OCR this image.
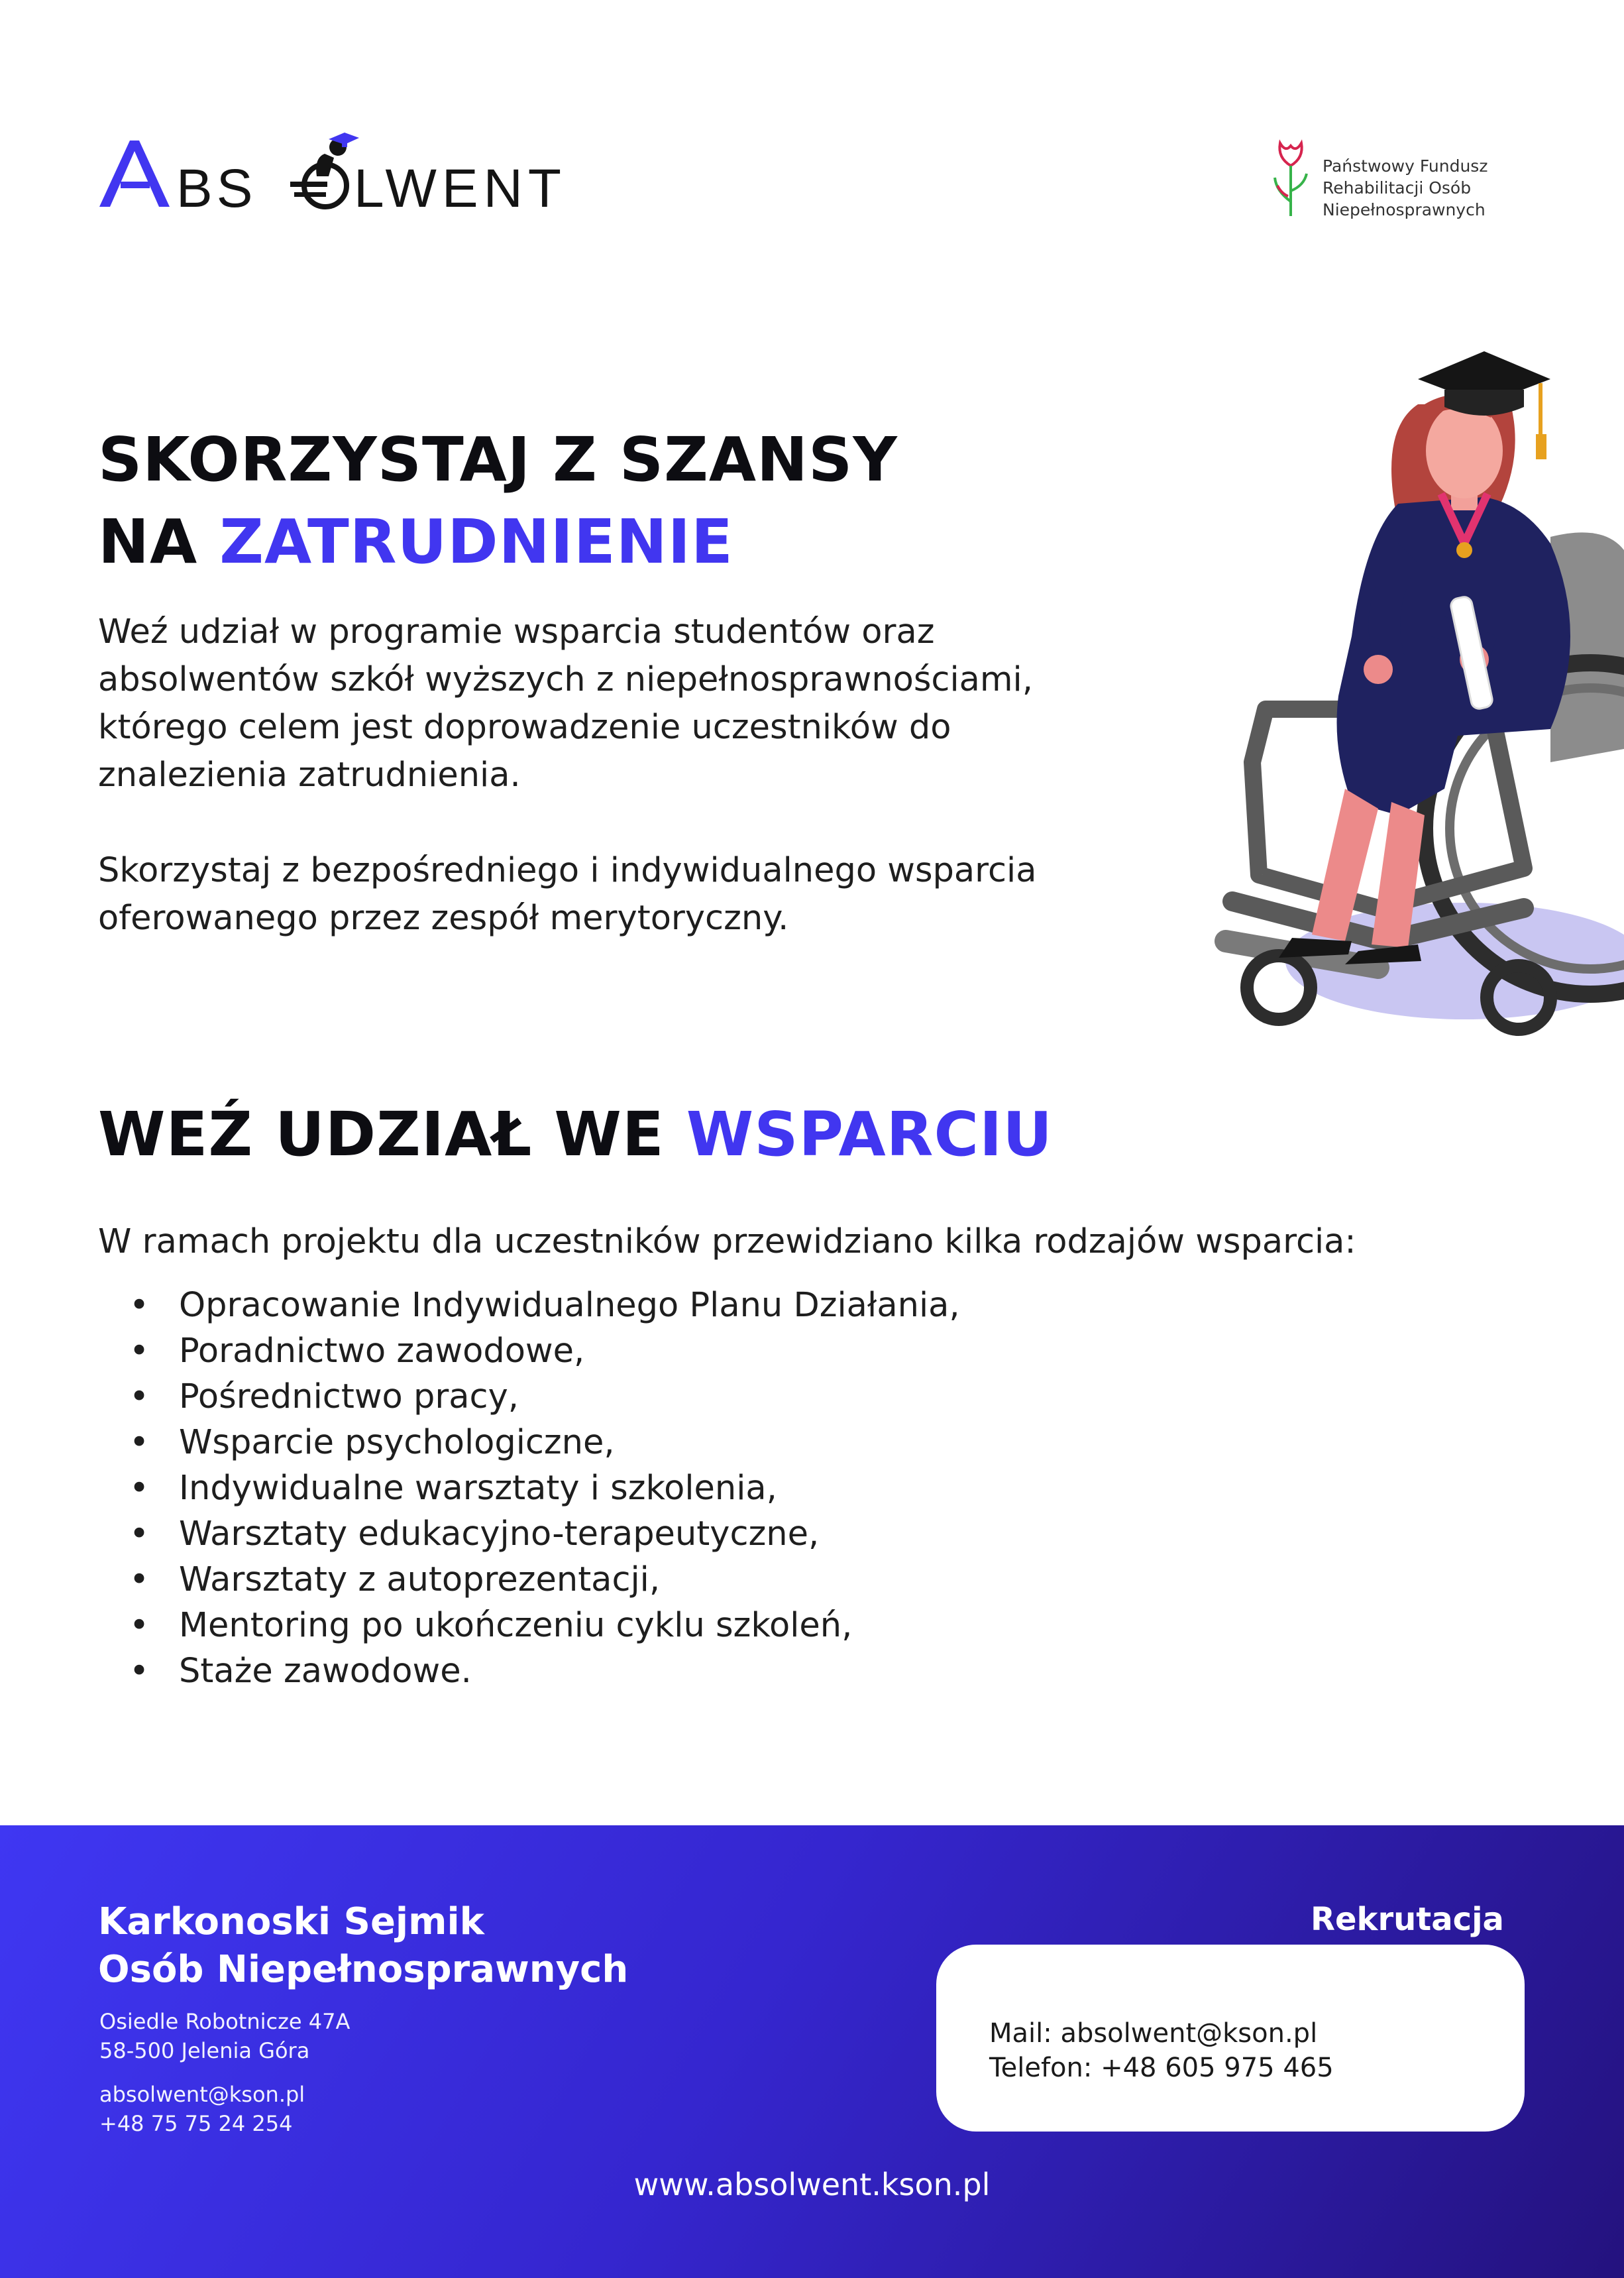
BS LWENT	Państwowy Fundusz
Rehabilitacji Osób
Niepełnosprawnych
SKORZYSTAJ Z SZANSY
NA ZATRUDNIENIE

Weź udział w programie wsparcia studentów oraz
absolwentów szkół wyższych z niepełnosprawnościami,
którego celem jest doprowadzenie uczestników do
znalezienia zatrudnienia.

Skorzystaj z bezpośredniego i indywidualnego wsparcia
oferowanego przez zespół merytoryczny.

WEŹ UDZIAŁ WE WSPARCIU
W ramach projektu dla uczestników przewidziano kilka rodzajów wsparcia:
• Opracowanie Indywidualnego Planu Działania,
• Poradnictwo zawodowe,
• Pośrednictwo pracy,
• Wsparcie psychologiczne,
• Indywidualne warsztaty i szkolenia,
• Warsztaty edukacyjno-terapeutyczne,
• Warsztaty z autoprezentacji,
• Mentoring po ukończeniu cyklu szkoleń,
• Staże zawodowe.
Karkonoski Sejmik
Osób Niepełnosprawnych
Osiedle Robotnicze 47A
58-500 Jelenia Góra
absolwent@kson.pl
+48 75 75 24 254
Rekrutacja
Mail: absolwent@kson.pl
Telefon: +48 605 975 465
www.absolwent.kson.pl
